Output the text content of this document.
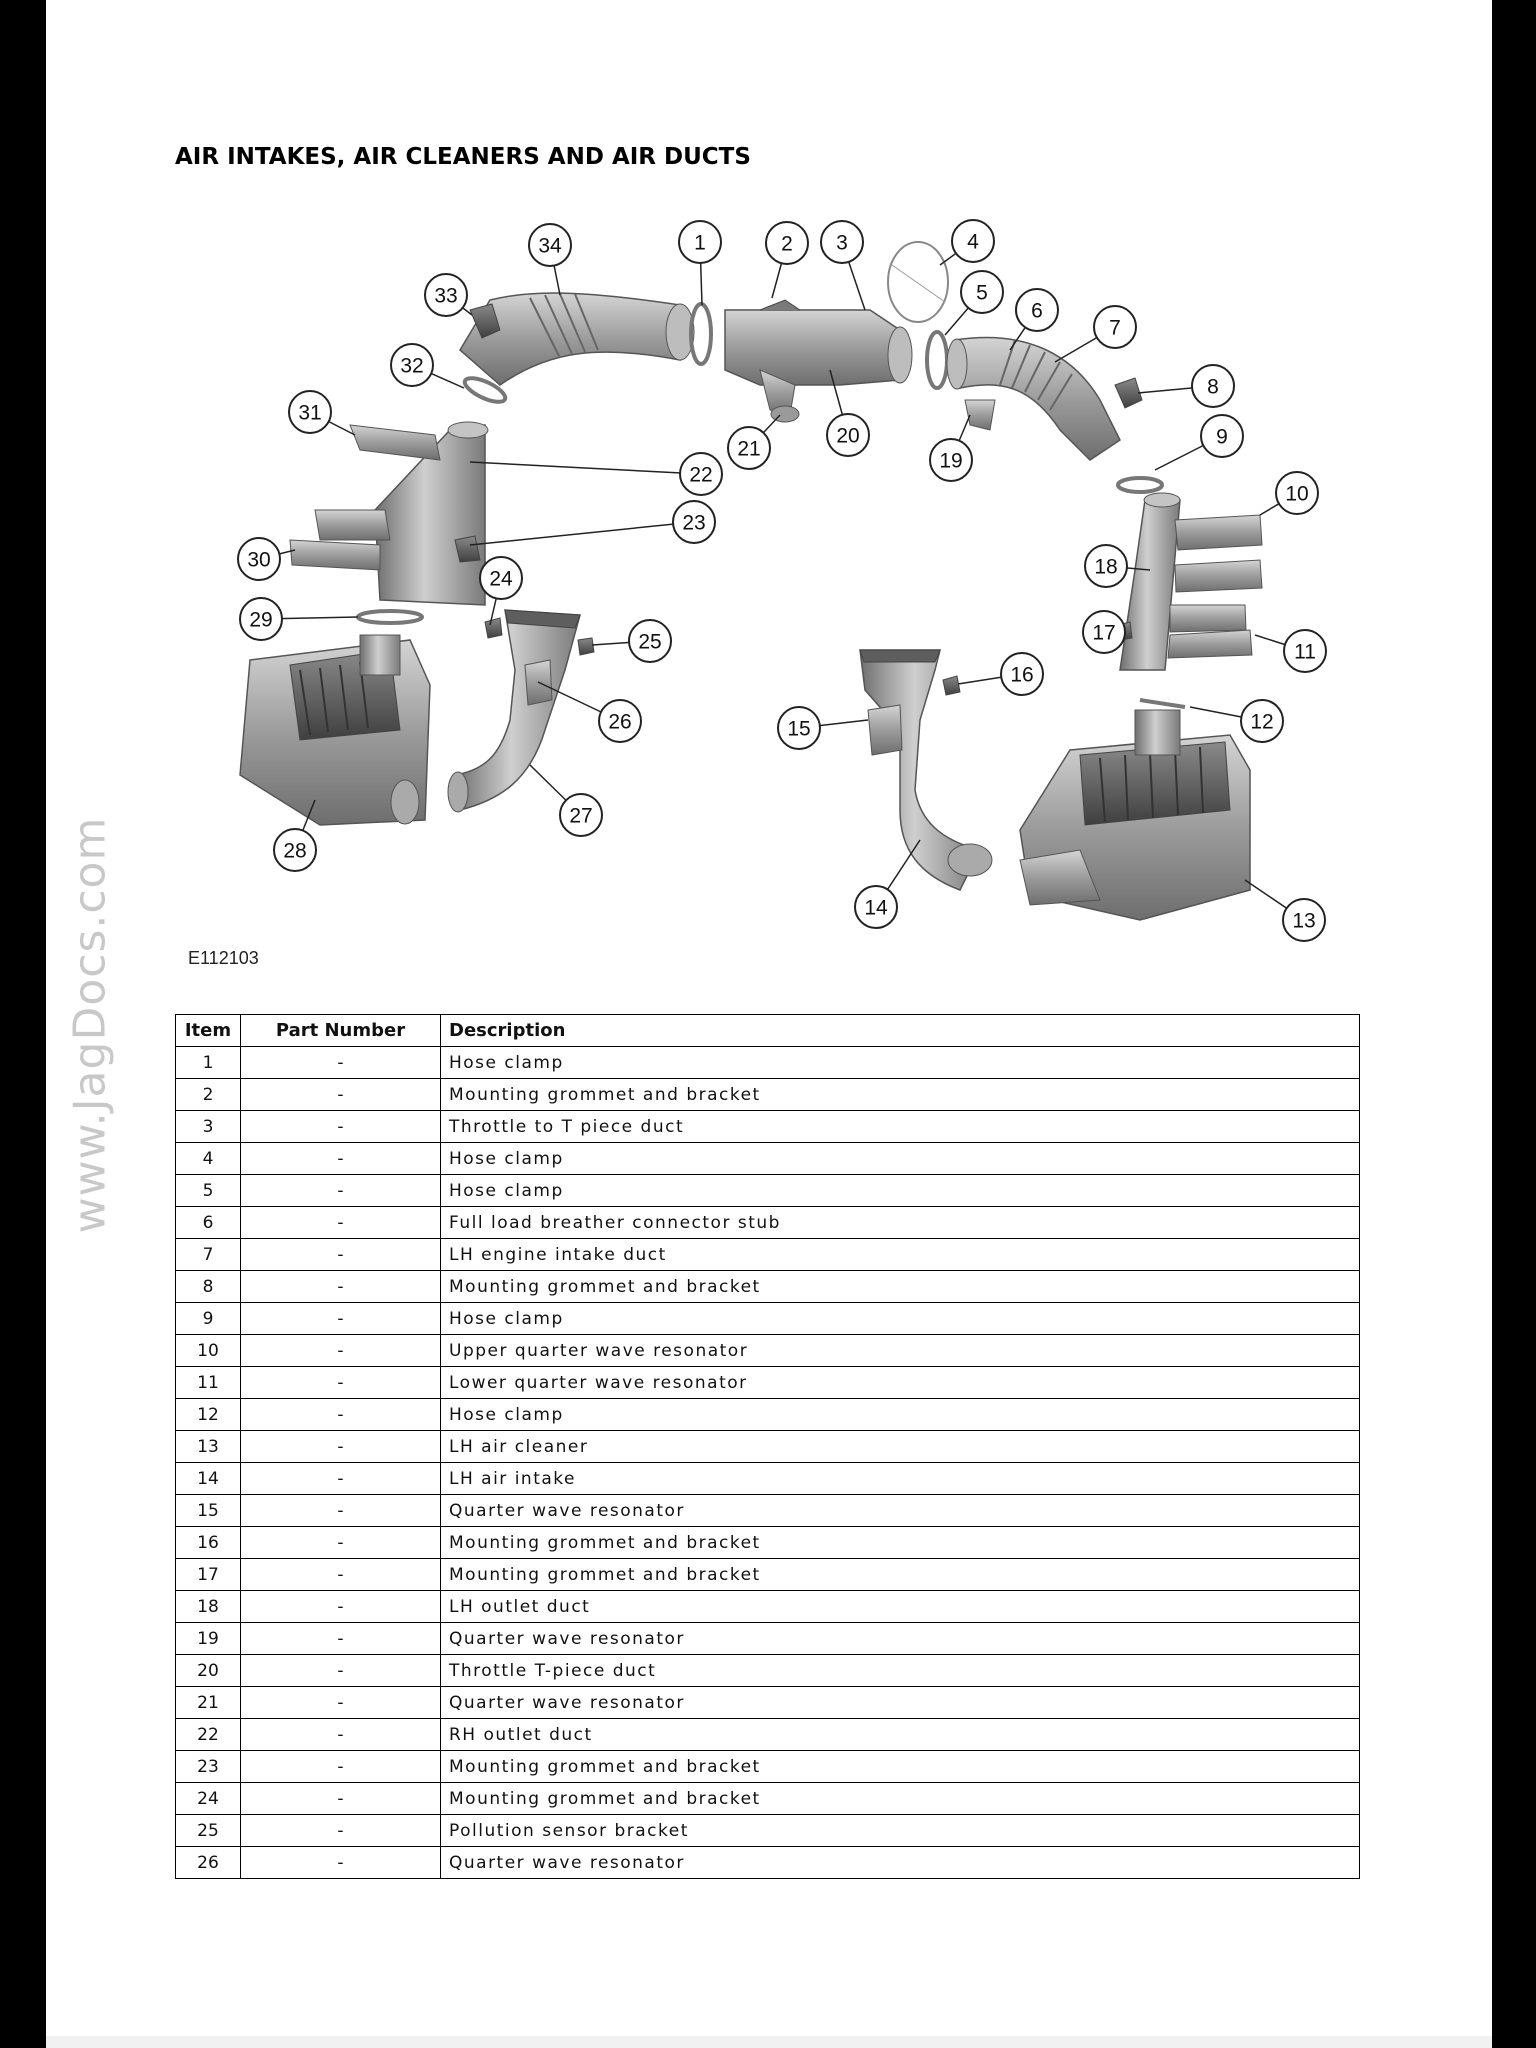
www.JagDocs.com
AIR INTAKES, AIR CLEANERS AND AIR DUCTS
1	2 3	4
5
6
7
8
9
10
11
12
13
14
15
16
17
18
19
20
21
22
23
24
25
26
27
28
29
30
31
32
33
34
E112103
Item	Part Number	Description
1	-	Hose clamp
2	-	Mounting grommet and bracket
3	-	Throttle to T piece duct
4	-	Hose clamp
5	-	Hose clamp
6	-	Full load breather connector stub
7	-	LH engine intake duct
8	-	Mounting grommet and bracket
9	-	Hose clamp
10	-	Upper quarter wave resonator
11	-	Lower quarter wave resonator
12	-	Hose clamp
13	-	LH air cleaner
14	-	LH air intake
15	-	Quarter wave resonator
16	-	Mounting grommet and bracket
17	-	Mounting grommet and bracket
18	-	LH outlet duct
19	-	Quarter wave resonator
20	-	Throttle T-piece duct
21	-	Quarter wave resonator
22	-	RH outlet duct
23	-	Mounting grommet and bracket
24	-	Mounting grommet and bracket
25	-	Pollution sensor bracket
26	-	Quarter wave resonator
